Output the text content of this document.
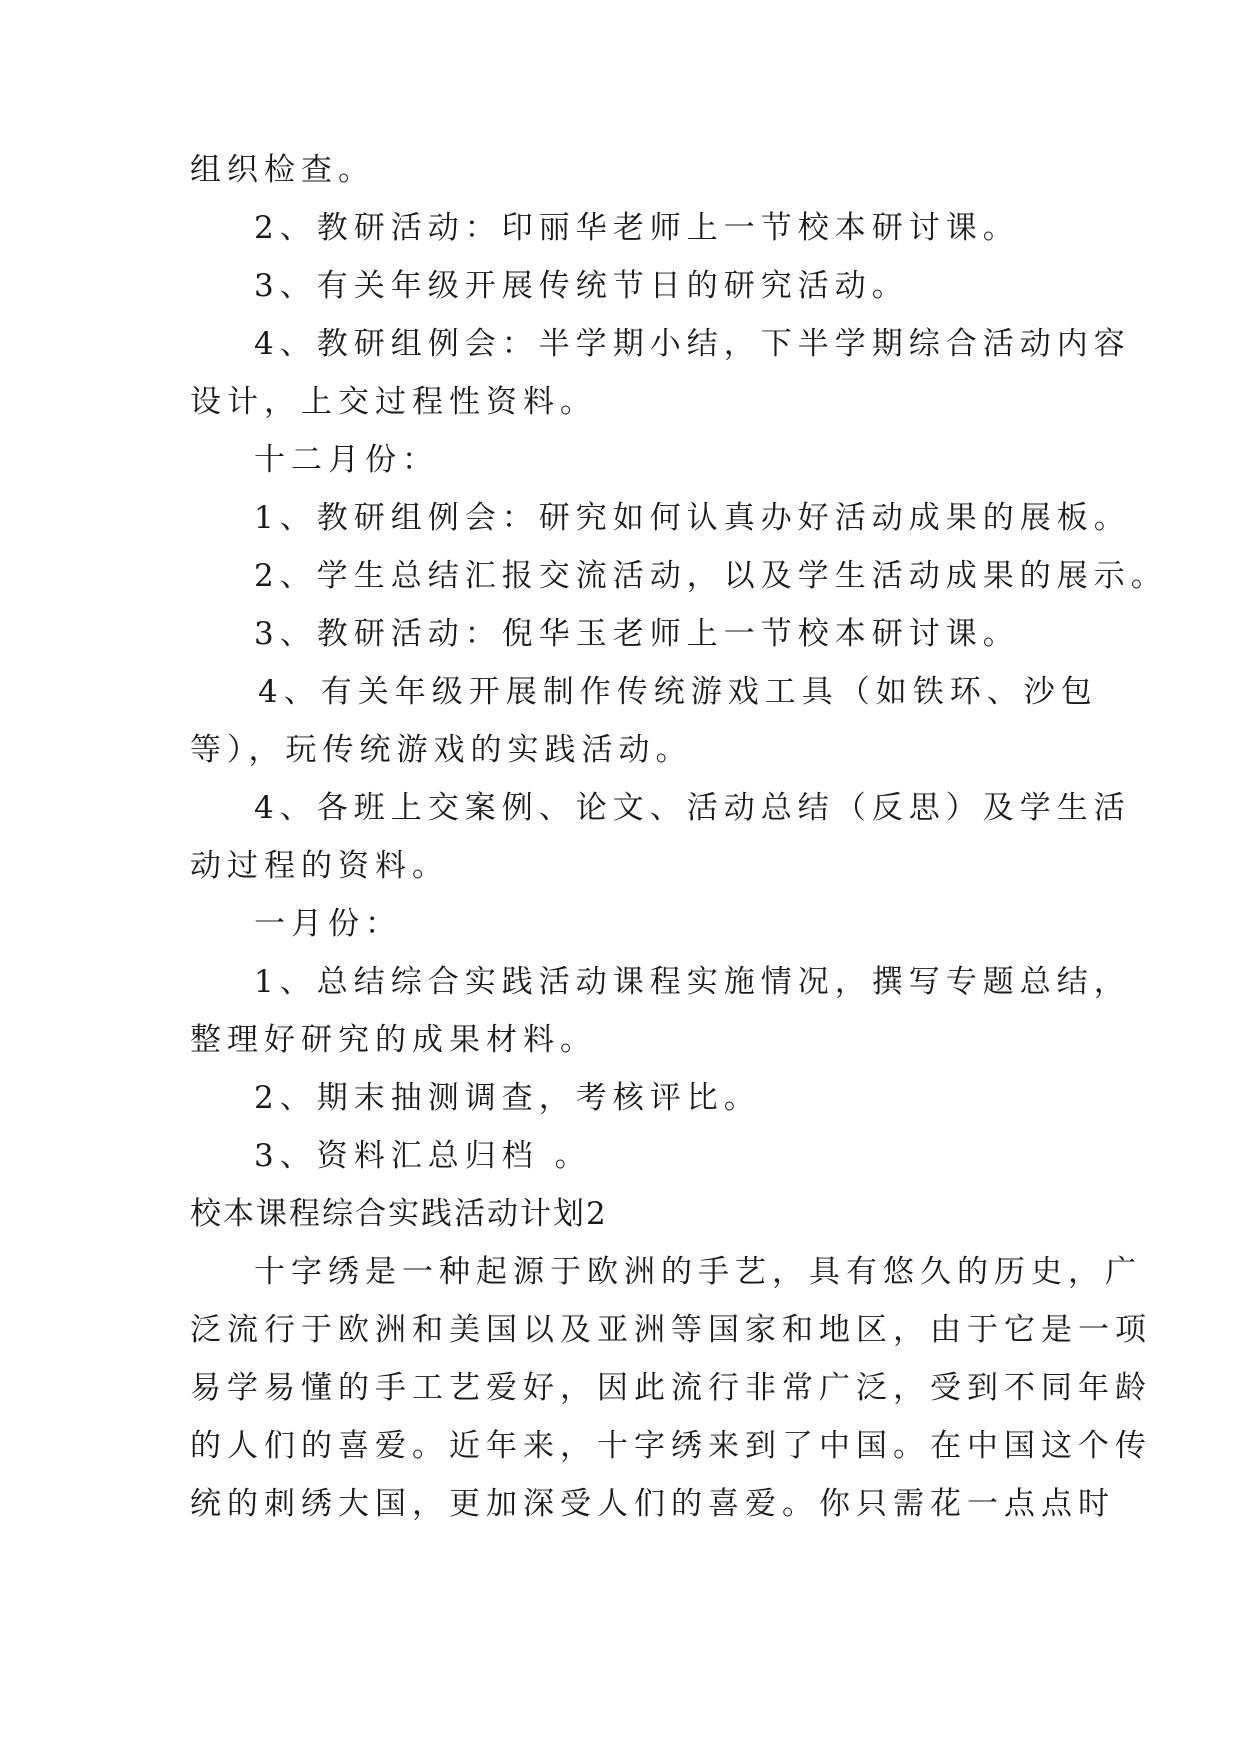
组织检查。
2、教研活动：印丽华老师上一节校本研讨课。
3、有关年级开展传统节日的研究活动。
4、教研组例会：半学期小结，下半学期综合活动内容
设计，上交过程性资料。
十二月份：
1、教研组例会：研究如何认真办好活动成果的展板。
2、学生总结汇报交流活动，以及学生活动成果的展示。
3、教研活动：倪华玉老师上一节校本研讨课。
4、有关年级开展制作传统游戏工具（如铁环、沙包
等），玩传统游戏的实践活动。
4、各班上交案例、论文、活动总结（反思）及学生活
动过程的资料。
一月份：
1、总结综合实践活动课程实施情况，撰写专题总结，
整理好研究的成果材料。
2、期末抽测调查，考核评比。
3、资料汇总归档 。
校本课程综合实践活动计划2
十字绣是一种起源于欧洲的手艺，具有悠久的历史，广
泛流行于欧洲和美国以及亚洲等国家和地区，由于它是一项
易学易懂的手工艺爱好，因此流行非常广泛，受到不同年龄
的人们的喜爱。近年来，十字绣来到了中国。在中国这个传
统的刺绣大国，更加深受人们的喜爱。你只需花一点点时
